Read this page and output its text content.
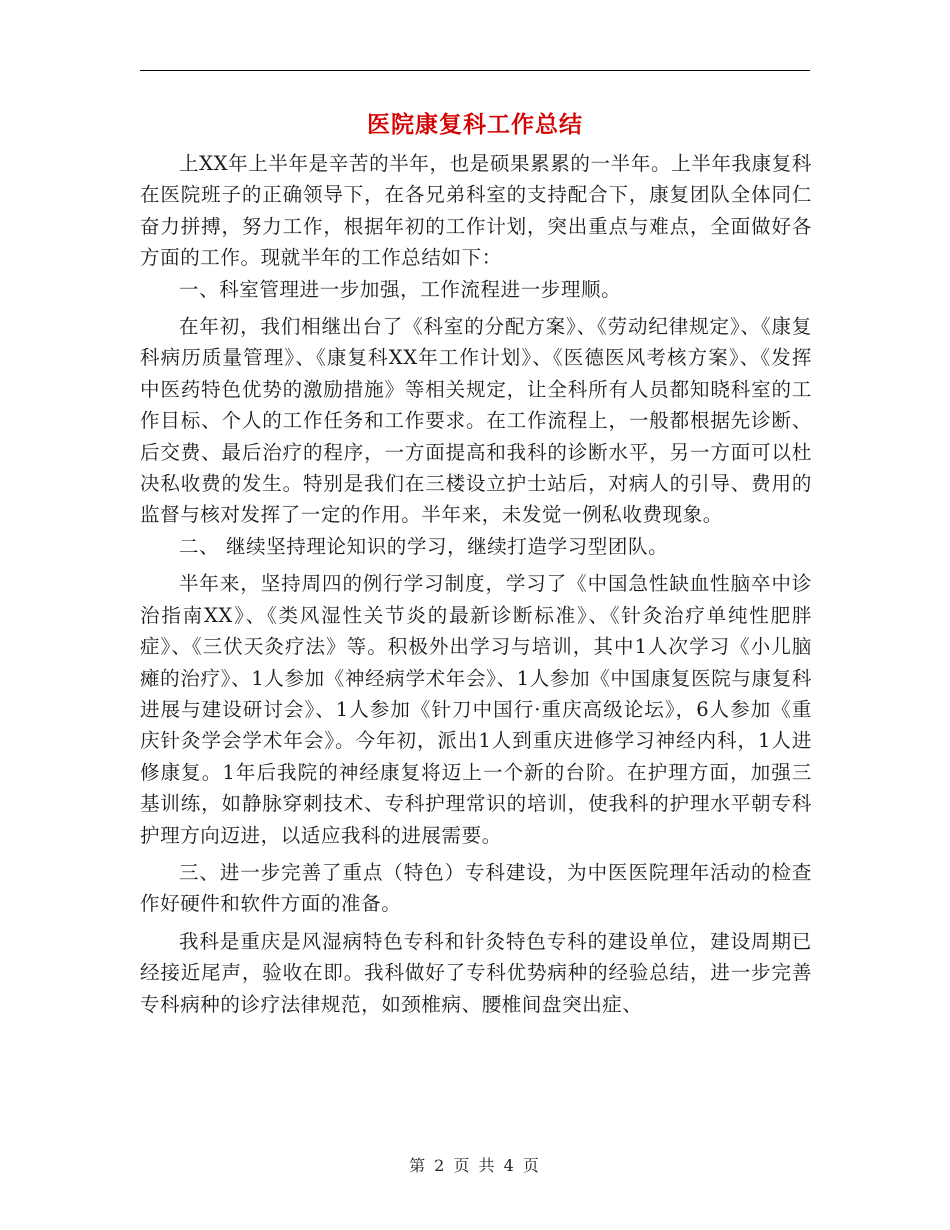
医院康复科工作总结

上XX年上半年是辛苦的半年，也是硕果累累的一半年。上半年我康复科在医院班子的正确领导下，在各兄弟科室的支持配合下，康复团队全体同仁奋力拼搏，努力工作，根据年初的工作计划，突出重点与难点，全面做好各方面的工作。现就半年的工作总结如下：

一、科室管理进一步加强，工作流程进一步理顺。

在年初，我们相继出台了《科室的分配方案》、《劳动纪律规定》、《康复科病历质量管理》、《康复科XX年工作计划》、《医德医风考核方案》、《发挥中医药特色优势的激励措施》等相关规定，让全科所有人员都知晓科室的工作目标、个人的工作任务和工作要求。在工作流程上，一般都根据先诊断、后交费、最后治疗的程序，一方面提高和我科的诊断水平，另一方面可以杜决私收费的发生。特别是我们在三楼设立护士站后，对病人的引导、费用的监督与核对发挥了一定的作用。半年来，未发觉一例私收费现象。

二、 继续坚持理论知识的学习，继续打造学习型团队。

半年来，坚持周四的例行学习制度，学习了《中国急性缺血性脑卒中诊治指南XX》、《类风湿性关节炎的最新诊断标准》、《针灸治疗单纯性肥胖症》、《三伏天灸疗法》等。积极外出学习与培训，其中1人次学习《小儿脑瘫的治疗》、1人参加《神经病学术年会》、1人参加《中国康复医院与康复科进展与建设研讨会》、1人参加《针刀中国行·重庆高级论坛》，6人参加《重庆针灸学会学术年会》。今年初，派出1人到重庆进修学习神经内科，1人进修康复。1年后我院的神经康复将迈上一个新的台阶。在护理方面，加强三基训练，如静脉穿刺技术、专科护理常识的培训，使我科的护理水平朝专科护理方向迈进，以适应我科的进展需要。

三、进一步完善了重点（特色）专科建设，为中医医院理年活动的检查作好硬件和软件方面的准备。

我科是重庆是风湿病特色专科和针灸特色专科的建设单位，建设周期已经接近尾声，验收在即。我科做好了专科优势病种的经验总结，进一步完善专科病种的诊疗法律规范，如颈椎病、腰椎间盘突出症、

第 2 页 共 4 页
